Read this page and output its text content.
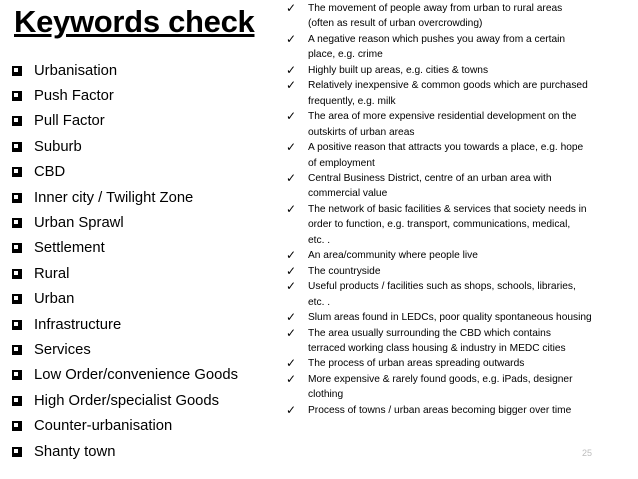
Keywords check
Urbanisation
Push Factor
Pull Factor
Suburb
CBD
Inner city / Twilight Zone
Urban Sprawl
Settlement
Rural
Urban
Infrastructure
Services
Low Order/convenience Goods
High Order/specialist Goods
Counter-urbanisation
Shanty town
✓	The movement of people away from urban to rural areas
(often as result of urban overcrowding)
✓	A negative reason which pushes you away from a certain
place, e.g. crime
✓	Highly built up areas, e.g. cities & towns
✓	Relatively inexpensive & common goods which are purchased
frequently, e.g. milk
✓	The area of more expensive residential development on the
outskirts of urban areas
✓	A positive reason that attracts you towards a place, e.g. hope
of employment
✓	Central Business District, centre of an urban area with
commercial value
✓	The network of basic facilities & services that society needs in
order to function, e.g. transport, communications, medical,
etc. .
✓	An area/community where people live
✓	The countryside
✓	Useful products / facilities such as shops, schools, libraries,
etc. .
✓	Slum areas found in LEDCs, poor quality spontaneous housing
✓	The area usually surrounding the CBD which contains
terraced working class housing & industry in MEDC cities
✓	The process of urban areas spreading outwards
✓	More expensive & rarely found goods, e.g. iPads, designer
clothing
✓	Process of towns / urban areas becoming bigger over time
25
